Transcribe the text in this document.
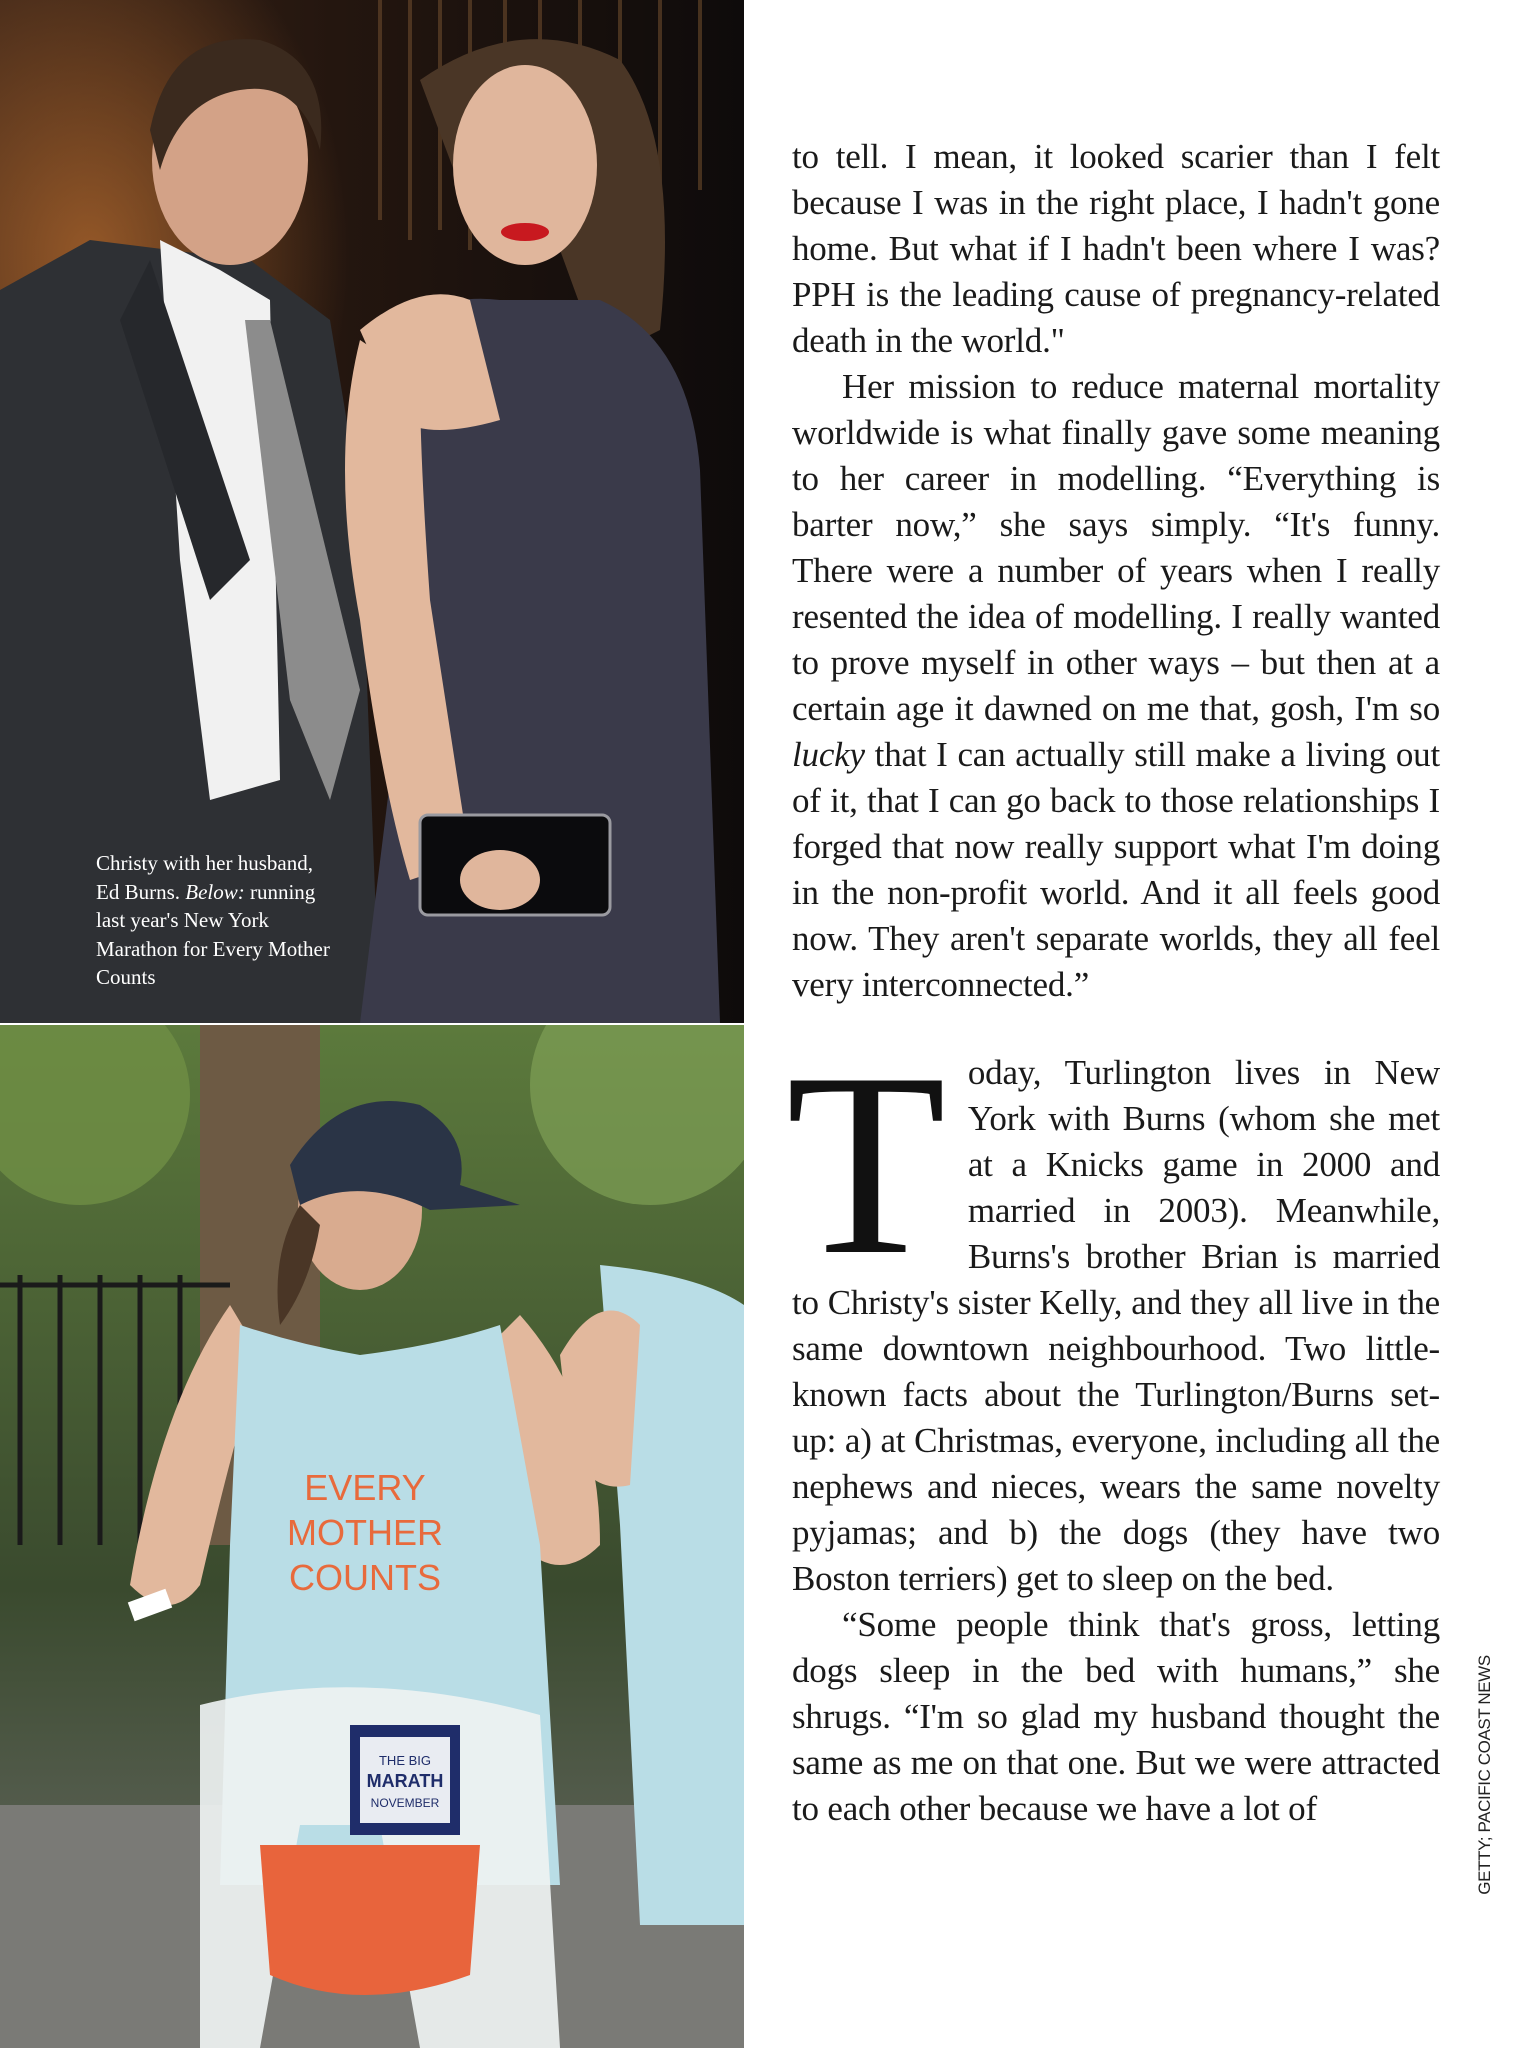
Christy with her husband, Ed Burns. Below: running last year's New York Marathon for Every Mother Counts

EVERY
MOTHER
COUNTS
THE BIG
MARATH
NOVEMBER

to tell. I mean, it looked scarier than I felt because I was in the right place, I hadn't gone home. But what if I hadn't been where I was? PPH is the leading cause of pregnancy-related death in the world."

Her mission to reduce maternal mortality worldwide is what finally gave some meaning to her career in modelling. “Everything is barter now,” she says simply. “It's funny. There were a number of years when I really resented the idea of modelling. I really wanted to prove myself in other ways – but then at a certain age it dawned on me that, gosh, I'm so lucky that I can actually still make a living out of it, that I can go back to those relationships I forged that now really support what I'm doing in the non-profit world. And it all feels good now. They aren't separate worlds, they all feel very interconnected.”

Today, Turlington lives in New York with Burns (whom she met at a Knicks game in 2000 and married in 2003). Meanwhile, Burns's brother Brian is married to Christy's sister Kelly, and they all live in the same downtown neighbourhood. Two little-known facts about the Turlington/Burns set-up: a) at Christmas, everyone, including all the nephews and nieces, wears the same novelty pyjamas; and b) the dogs (they have two Boston terriers) get to sleep on the bed.

“Some people think that's gross, letting dogs sleep in the bed with humans,” she shrugs. “I'm so glad my husband thought the same as me on that one. But we were attracted to each other because we have a lot of	GETTY; PACIFIC COAST NEWS
